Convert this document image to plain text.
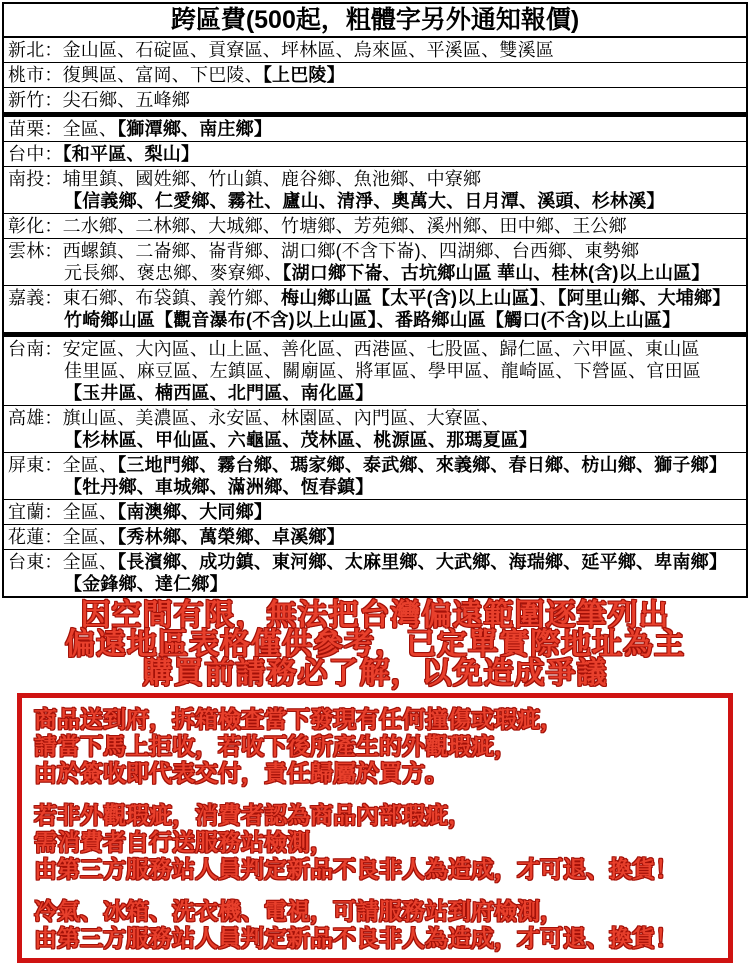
跨區費(500起，粗體字另外通知報價)
新北：金山區、石碇區、貢寮區、坪林區、烏來區、平溪區、雙溪區
桃市：復興區、富岡、下巴陵、【上巴陵】
新竹：尖石鄉、五峰鄉
苗栗：全區、【獅潭鄉、南庄鄉】
台中：【和平區、梨山】
南投：埔里鎮、國姓鄉、竹山鎮、鹿谷鄉、魚池鄉、中寮鄉
【信義鄉、仁愛鄉、霧社、廬山、清淨、奧萬大、日月潭、溪頭、杉林溪】
彰化：二水鄉、二林鄉、大城鄉、竹塘鄉、芳苑鄉、溪州鄉、田中鄉、王公鄉
雲林：西螺鎮、二崙鄉、崙背鄉、湖口鄉(不含下崙)、四湖鄉、台西鄉、東勢鄉
元長鄉、褒忠鄉、麥寮鄉、【湖口鄉下崙、古坑鄉山區 華山、桂林(含)以上山區】
嘉義：東石鄉、布袋鎮、義竹鄉、梅山鄉山區【太平(含)以上山區】、【阿里山鄉、大埔鄉】
竹崎鄉山區【觀音瀑布(不含)以上山區】、番路鄉山區【觸口(不含)以上山區】
台南：安定區、大內區、山上區、善化區、西港區、七股區、歸仁區、六甲區、東山區
佳里區、麻豆區、左鎮區、關廟區、將軍區、學甲區、龍崎區、下營區、官田區
【玉井區、楠西區、北門區、南化區】
高雄：旗山區、美濃區、永安區、林園區、內門區、大寮區、
【杉林區、甲仙區、六龜區、茂林區、桃源區、那瑪夏區】
屏東：全區、【三地門鄉、霧台鄉、瑪家鄉、泰武鄉、來義鄉、春日鄉、枋山鄉、獅子鄉】
【牡丹鄉、車城鄉、滿洲鄉、恆春鎮】
宜蘭：全區、【南澳鄉、大同鄉】
花蓮：全區、【秀林鄉、萬榮鄉、卓溪鄉】
台東：全區、【長濱鄉、成功鎮、東河鄉、太麻里鄉、大武鄉、海瑞鄉、延平鄉、卑南鄉】
【金鋒鄉、達仁鄉】
因空間有限，無法把台灣偏遠範圍逐筆列出
偏遠地區表格僅供參考，已定單實際地址為主
購買前請務必了解，以免造成爭議
商品送到府，拆箱檢查當下發現有任何撞傷或瑕疵，
請當下馬上拒收，若收下後所產生的外觀瑕疵，
由於簽收即代表交付，責任歸屬於買方。
若非外觀瑕疵，消費者認為商品內部瑕疵，
需消費者自行送服務站檢測，
由第三方服務站人員判定新品不良非人為造成，才可退、換貨！
冷氣、冰箱、洗衣機、電視，可請服務站到府檢測，
由第三方服務站人員判定新品不良非人為造成，才可退、換貨！
